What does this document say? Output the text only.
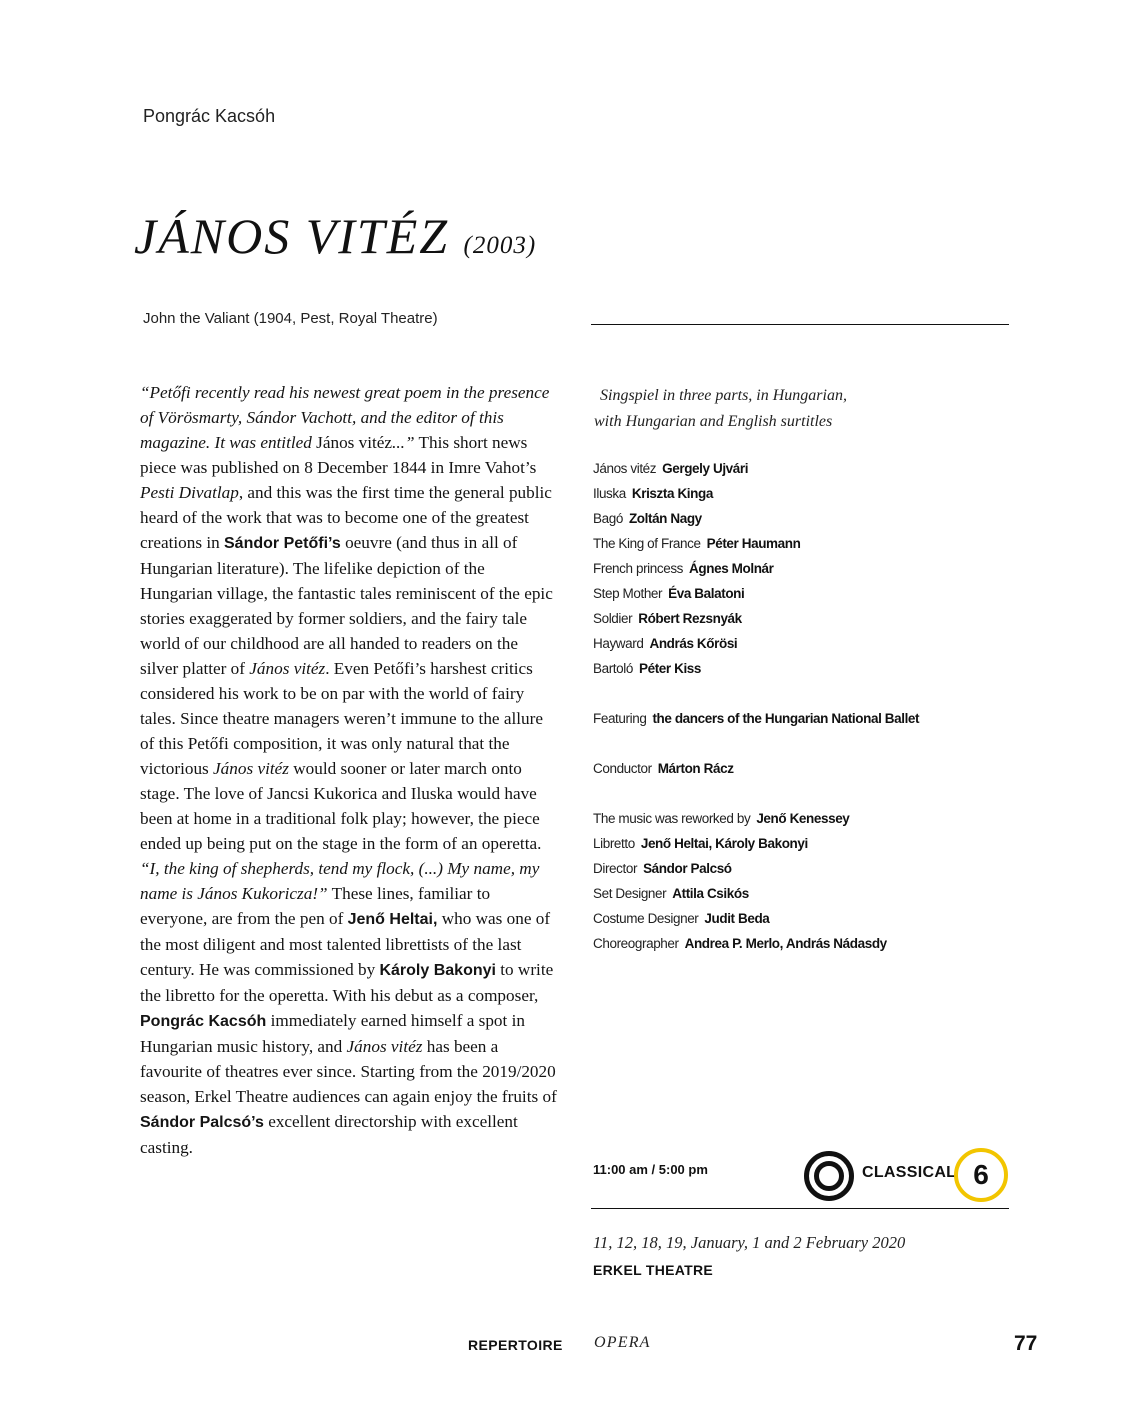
Pongrác Kacsóh
JÁNOS VITÉZ (2003)
John the Valiant (1904, Pest, Royal Theatre)

“Petőfi recently read his newest great poem in the presence of Vörösmarty, Sándor Vachott, and the editor of this magazine. It was entitled János vitéz...” This short news piece was published on 8 December 1844 in Imre Vahot’s Pesti Divatlap, and this was the first time the general public heard of the work that was to become one of the greatest creations in Sándor Petőfi’s oeuvre (and thus in all of Hungarian literature). The lifelike depiction of the Hungarian village, the fantastic tales reminiscent of the epic stories exaggerated by former soldiers, and the fairy tale world of our childhood are all handed to readers on the silver platter of János vitéz. Even Petőfi’s harshest critics considered his work to be on par with the world of fairy tales. Since theatre managers weren’t immune to the allure of this Petőfi composition, it was only natural that the victorious János vitéz would sooner or later march onto stage. The love of Jancsi Kukorica and Iluska would have been at home in a traditional folk play; however, the piece ended up being put on the stage in the form of an operetta.

“I, the king of shepherds, tend my flock, (...) My name, my name is János Kukoricza!” These lines, familiar to everyone, are from the pen of Jenő Heltai, who was one of the most diligent and most talented librettists of the last century. He was commissioned by Károly Bakonyi to write the libretto for the operetta. With his debut as a composer, Pongrác Kacsóh immediately earned himself a spot in Hungarian music history, and János vitéz has been a favourite of theatres ever since. Starting from the 2019/2020 season, Erkel Theatre audiences can again enjoy the fruits of Sándor Palcsó’s excellent directorship with excellent casting.

Singspiel in three parts, in Hungarian,
with Hungarian and English surtitles
János vitéz Gergely Ujvári
Iluska Kriszta Kinga
Bagó Zoltán Nagy
The King of France Péter Haumann
French princess Ágnes Molnár
Step Mother Éva Balatoni
Soldier Róbert Rezsnyák
Hayward András Kőrösi
Bartoló Péter Kiss
Featuring the dancers of the Hungarian National Ballet
Conductor Márton Rácz
The music was reworked by Jenő Kenessey
Libretto Jenő Heltai, Károly Bakonyi
Director Sándor Palcsó
Set Designer Attila Csikós
Costume Designer Judit Beda
Choreographer Andrea P. Merlo, András Nádasdy
11:00 am / 5:00 pm	CLASSICAL 6
11, 12, 18, 19, January, 1 and 2 February 2020
ERKEL THEATRE
REPERTOIRE OPERA	77
